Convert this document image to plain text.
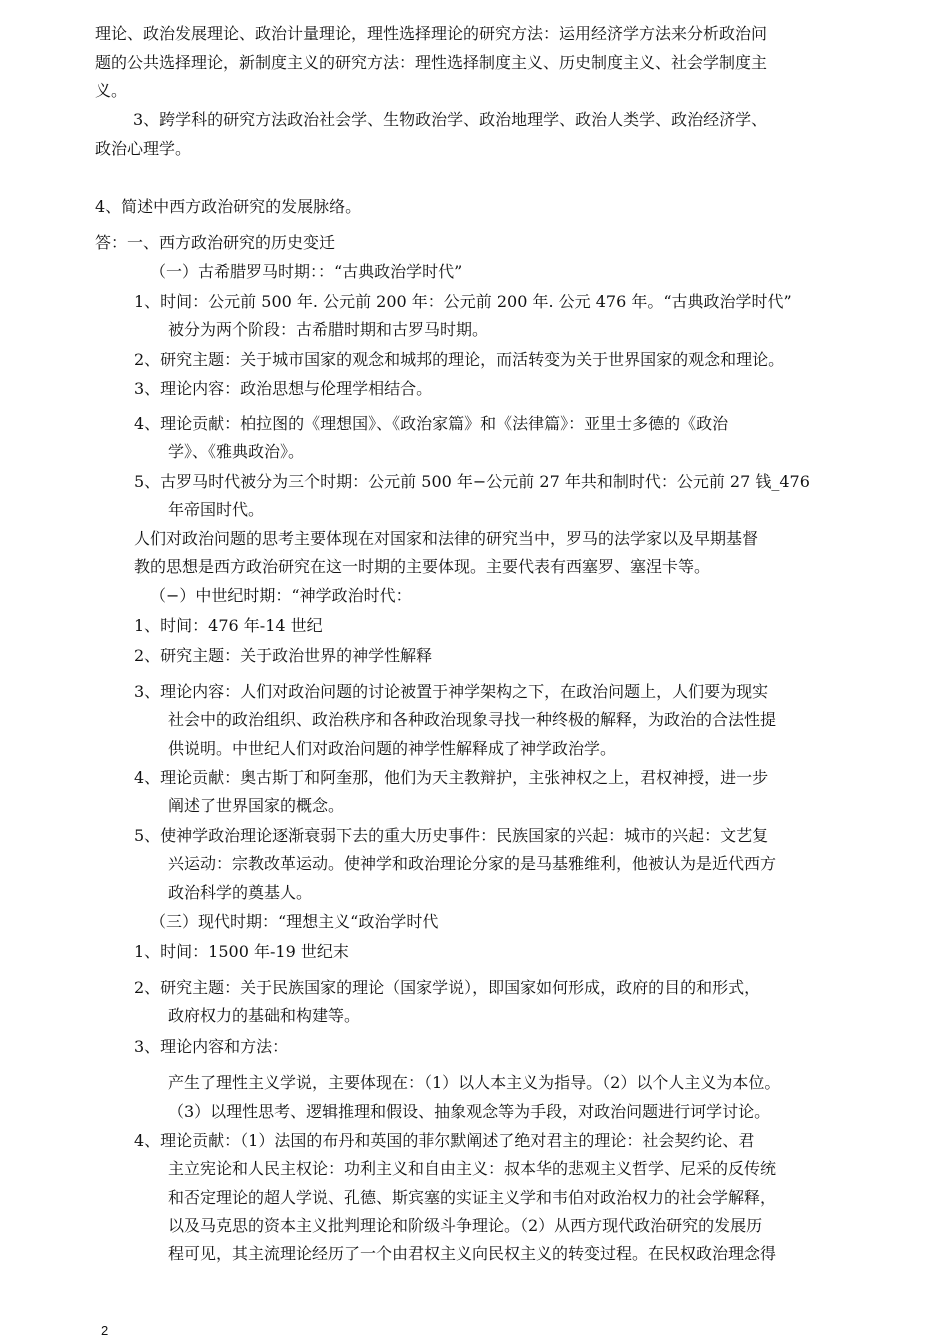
理论、政治发展理论、政治计量理论，理性选择理论的研究方法：运用经济学方法来分析政治问
题的公共选择理论，新制度主义的研究方法：理性选择制度主义、历史制度主义、社会学制度主
义。
3、跨学科的研究方法政治社会学、生物政治学、政治地理学、政治人类学、政治经济学、
政治心理学。
4、简述中西方政治研究的发展脉络。
答：一、西方政治研究的历史变迁
（一）古希腊罗马时期：：“古典政治学时代”
1、时间：公元前 500 年. 公元前 200 年：公元前 200 年. 公元 476 年。“古典政治学时代”
被分为两个阶段：古希腊时期和古罗马时期。
2、研究主题：关于城市国家的观念和城邦的理论，而活转变为关于世界国家的观念和理论。
3、理论内容：政治思想与伦理学相结合。
4、理论贡献：柏拉图的《理想国》、《政治家篇》和《法律篇》：亚里士多德的《政治
学》、《雅典政治》。
5、古罗马时代被分为三个时期：公元前 500 年−公元前 27 年共和制时代：公元前 27 钱_476
年帝国时代。
人们对政治问题的思考主要体现在对国家和法律的研究当中，罗马的法学家以及早期基督
教的思想是西方政治研究在这一时期的主要体现。主要代表有西塞罗、塞涅卡等。
（−）中世纪时期：“神学政治时代：
1、时间：476 年-14 世纪
2、研究主题：关于政治世界的神学性解释
3、理论内容：人们对政治问题的讨论被置于神学架构之下，在政治问题上，人们要为现实
社会中的政治组织、政治秩序和各种政治现象寻找一种终极的解释，为政治的合法性提
供说明。中世纪人们对政治问题的神学性解释成了神学政治学。
4、理论贡献：奥古斯丁和阿奎那，他们为天主教辩护，主张神权之上，君权神授，进一步
阐述了世界国家的概念。
5、使神学政治理论逐渐衰弱下去的重大历史事件：民族国家的兴起：城市的兴起：文艺复
兴运动：宗教改革运动。使神学和政治理论分家的是马基雅维利，他被认为是近代西方
政治科学的奠基人。
（三）现代时期：“理想主义“政治学时代
1、时间：1500 年-19 世纪末
2、研究主题：关于民族国家的理论（国家学说），即国家如何形成，政府的目的和形式，
政府权力的基础和构建等。
3、理论内容和方法：
产生了理性主义学说，主要体现在：（1）以人本主义为指导。（2）以个人主义为本位。
（3）以理性思考、逻辑推理和假设、抽象观念等为手段，对政治问题进行诃学讨论。
4、理论贡献：（1）法国的布丹和英国的菲尔默阐述了绝对君主的理论：社会契约论、君
主立宪论和人民主权论：功利主义和自由主义：叔本华的悲观主义哲学、尼采的反传统
和否定理论的超人学说、孔德、斯宾塞的实证主义学和韦伯对政治权力的社会学解释，
以及马克思的资本主义批判理论和阶级斗争理论。（2）从西方现代政治研究的发展历
程可见，其主流理论经历了一个由君权主义向民权主义的转变过程。在民权政治理念得
2
